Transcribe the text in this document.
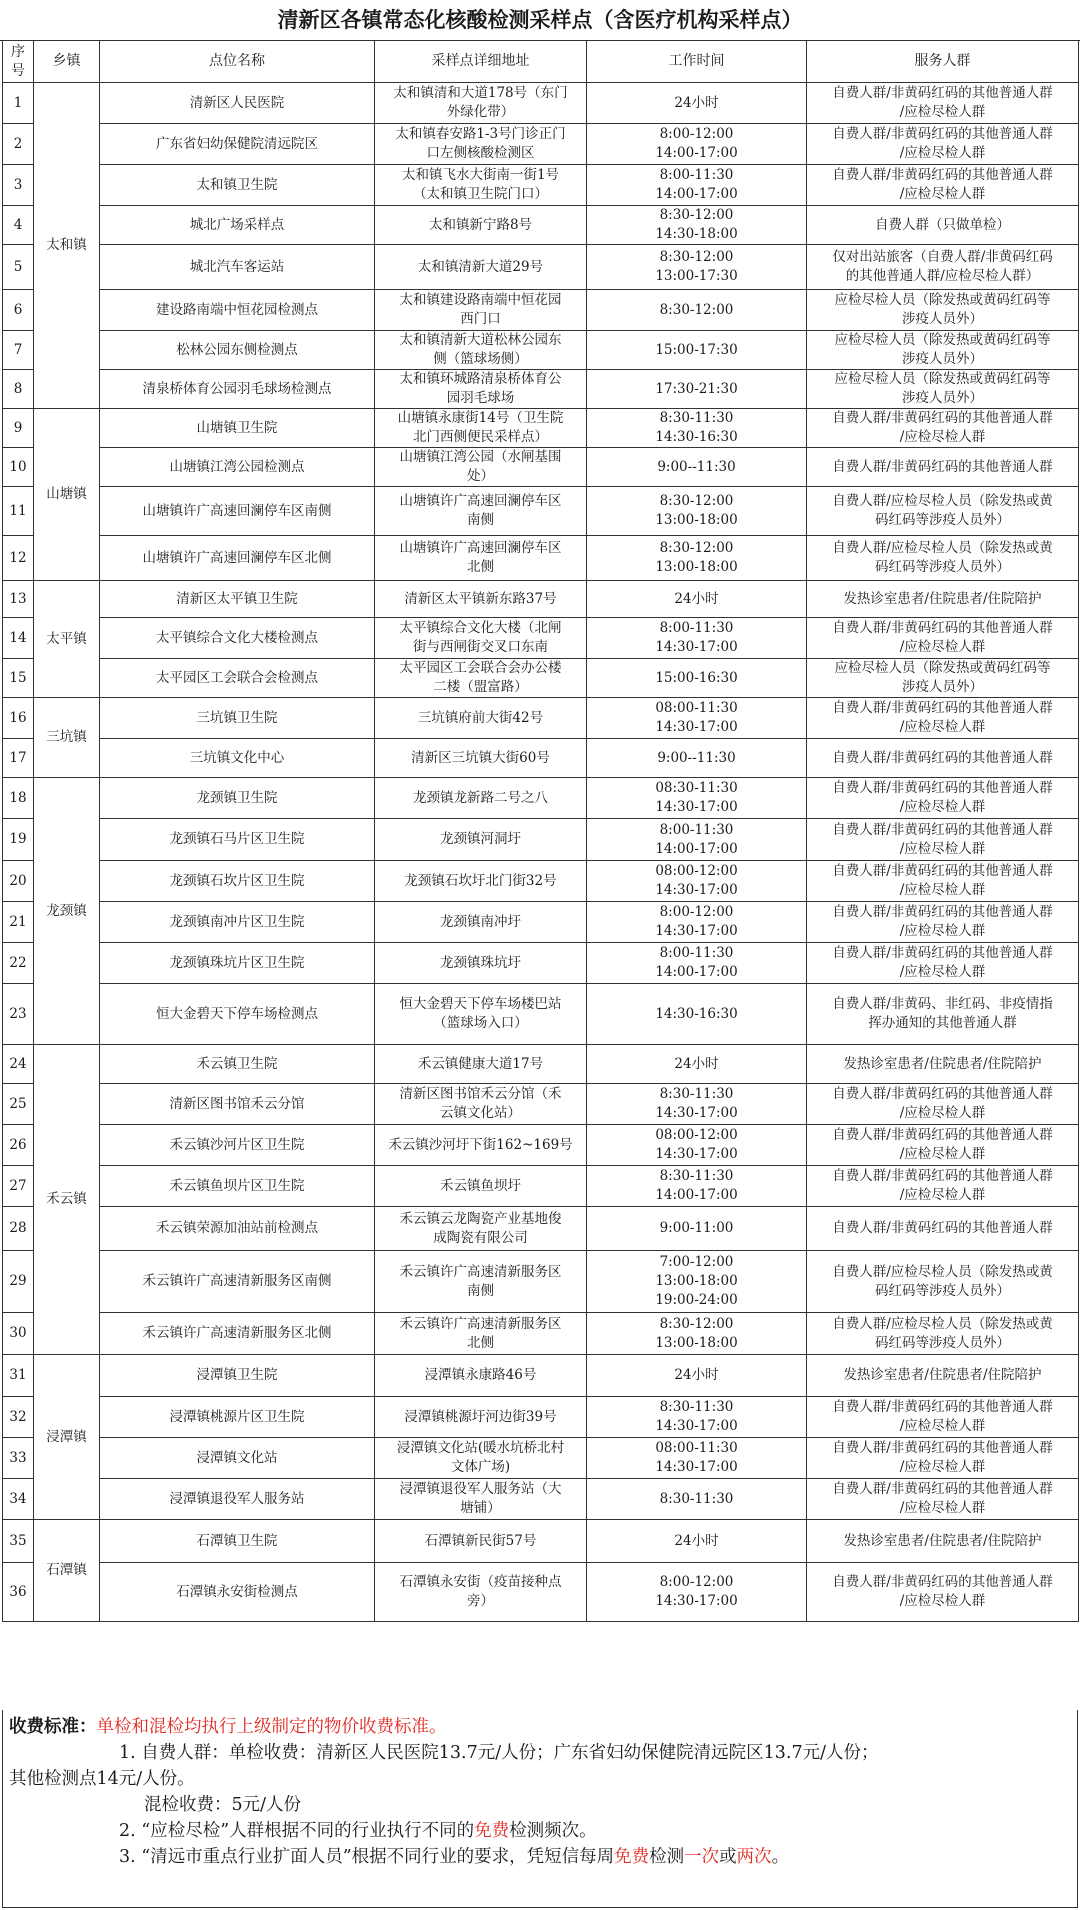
清新区各镇常态化核酸检测采样点（含医疗机构采样点）
序
号	乡镇	点位名称	采样点详细地址	工作时间	服务人群
1	太和镇	清新区人民医院	太和镇清和大道178号（东门
外绿化带）	24小时	自费人群/非黄码红码的其他普通人群
/应检尽检人群

2		广东省妇幼保健院清远院区	太和镇春安路1-3号门诊正门
口左侧核酸检测区	8:00-12:00
14:00-17:00	自费人群/非黄码红码的其他普通人群
/应检尽检人群

3		太和镇卫生院	太和镇飞水大街南一街1号
（太和镇卫生院门口）	8:00-11:30
14:00-17:00	自费人群/非黄码红码的其他普通人群
/应检尽检人群

4		城北广场采样点	太和镇新宁路8号	8:30-12:00
14:30-18:00	自费人群（只做单检）

5		城北汽车客运站	太和镇清新大道29号	8:30-12:00
13:00-17:30	仅对出站旅客（自费人群/非黄码红码
的其他普通人群/应检尽检人群）

6		建设路南端中恒花园检测点	太和镇建设路南端中恒花园
西门口	8:30-12:00	应检尽检人员（除发热或黄码红码等
涉疫人员外）

7		松林公园东侧检测点	太和镇清新大道松林公园东
侧（篮球场侧）	15:00-17:30	应检尽检人员（除发热或黄码红码等
涉疫人员外）

8		清泉桥体育公园羽毛球场检测点	太和镇环城路清泉桥体育公
园羽毛球场	17:30-21:30	应检尽检人员（除发热或黄码红码等
涉疫人员外）

9	山塘镇	山塘镇卫生院	山塘镇永康街14号（卫生院
北门西侧便民采样点）	8:30-11:30
14:30-16:30	自费人群/非黄码红码的其他普通人群
/应检尽检人群

10		山塘镇江湾公园检测点	山塘镇江湾公园（水闸基围
处）	9:00--11:30	自费人群/非黄码红码的其他普通人群

11		山塘镇许广高速回澜停车区南侧	山塘镇许广高速回澜停车区
南侧	8:30-12:00
13:00-18:00	自费人群/应检尽检人员（除发热或黄
码红码等涉疫人员外）

12		山塘镇许广高速回澜停车区北侧	山塘镇许广高速回澜停车区
北侧	8:30-12:00
13:00-18:00	自费人群/应检尽检人员（除发热或黄
码红码等涉疫人员外）

13	太平镇	清新区太平镇卫生院	清新区太平镇新东路37号	24小时	发热诊室患者/住院患者/住院陪护

14		太平镇综合文化大楼检测点	太平镇综合文化大楼（北闸
街与西闸街交叉口东南	8:00-11:30
14:30-17:00	自费人群/非黄码红码的其他普通人群
/应检尽检人群

15		太平园区工会联合会检测点	太平园区工会联合会办公楼
二楼（盟富路）	15:00-16:30	应检尽检人员（除发热或黄码红码等
涉疫人员外）

16	三坑镇	三坑镇卫生院	三坑镇府前大街42号	08:00-11:30
14:30-17:00	自费人群/非黄码红码的其他普通人群
/应检尽检人群

17		三坑镇文化中心	清新区三坑镇大街60号	9:00--11:30	自费人群/非黄码红码的其他普通人群

18	龙颈镇	龙颈镇卫生院	龙颈镇龙新路二号之八	08:30-11:30
14:30-17:00	自费人群/非黄码红码的其他普通人群
/应检尽检人群

19		龙颈镇石马片区卫生院	龙颈镇河洞圩	8:00-11:30
14:00-17:00	自费人群/非黄码红码的其他普通人群
/应检尽检人群

20		龙颈镇石坎片区卫生院	龙颈镇石坎圩北门街32号	08:00-12:00
14:30-17:00	自费人群/非黄码红码的其他普通人群
/应检尽检人群

21		龙颈镇南冲片区卫生院	龙颈镇南冲圩	8:00-12:00
14:30-17:00	自费人群/非黄码红码的其他普通人群
/应检尽检人群

22		龙颈镇珠坑片区卫生院	龙颈镇珠坑圩	8:00-11:30
14:00-17:00	自费人群/非黄码红码的其他普通人群
/应检尽检人群

23		恒大金碧天下停车场检测点	恒大金碧天下停车场楼巴站
（篮球场入口）	14:30-16:30	自费人群/非黄码、非红码、非疫情指
挥办通知的其他普通人群

24	禾云镇	禾云镇卫生院	禾云镇健康大道17号	24小时	发热诊室患者/住院患者/住院陪护

25		清新区图书馆禾云分馆	清新区图书馆禾云分馆（禾
云镇文化站）	8:30-11:30
14:30-17:00	自费人群/非黄码红码的其他普通人群
/应检尽检人群

26		禾云镇沙河片区卫生院	禾云镇沙河圩下街162~169号	08:00-12:00
14:30-17:00	自费人群/非黄码红码的其他普通人群
/应检尽检人群

27		禾云镇鱼坝片区卫生院	禾云镇鱼坝圩	8:30-11:30
14:00-17:00	自费人群/非黄码红码的其他普通人群
/应检尽检人群

28		禾云镇荣源加油站前检测点	禾云镇云龙陶瓷产业基地俊
成陶瓷有限公司	9:00-11:00	自费人群/非黄码红码的其他普通人群

29		禾云镇许广高速清新服务区南侧	禾云镇许广高速清新服务区
南侧	7:00-12:00
13:00-18:00
19:00-24:00	自费人群/应检尽检人员（除发热或黄
码红码等涉疫人员外）

30		禾云镇许广高速清新服务区北侧	禾云镇许广高速清新服务区
北侧	8:30-12:00
13:00-18:00	自费人群/应检尽检人员（除发热或黄
码红码等涉疫人员外）

31	浸潭镇	浸潭镇卫生院	浸潭镇永康路46号	24小时	发热诊室患者/住院患者/住院陪护

32		浸潭镇桃源片区卫生院	浸潭镇桃源圩河边街39号	8:30-11:30
14:30-17:00	自费人群/非黄码红码的其他普通人群
/应检尽检人群

33		浸潭镇文化站	浸潭镇文化站(暖水坑桥北村
文体广场)	08:00-11:30
14:30-17:00	自费人群/非黄码红码的其他普通人群
/应检尽检人群

34		浸潭镇退役军人服务站	浸潭镇退役军人服务站（大
塘铺）	8:30-11:30	自费人群/非黄码红码的其他普通人群
/应检尽检人群

35	石潭镇	石潭镇卫生院	石潭镇新民街57号	24小时	发热诊室患者/住院患者/住院陪护

36		石潭镇永安街检测点	石潭镇永安街（疫苗接种点
旁）	8:00-12:00
14:30-17:00	自费人群/非黄码红码的其他普通人群
/应检尽检人群
收费标准：单检和混检均执行上级制定的物价收费标准。
1. 自费人群：单检收费：清新区人民医院13.7元/人份；广东省妇幼保健院清远院区13.7元/人份；
其他检测点14元/人份。
混检收费：5元/人份
2. “应检尽检”人群根据不同的行业执行不同的免费检测频次。
3. “清远市重点行业扩面人员”根据不同行业的要求，凭短信每周免费检测一次或两次。
